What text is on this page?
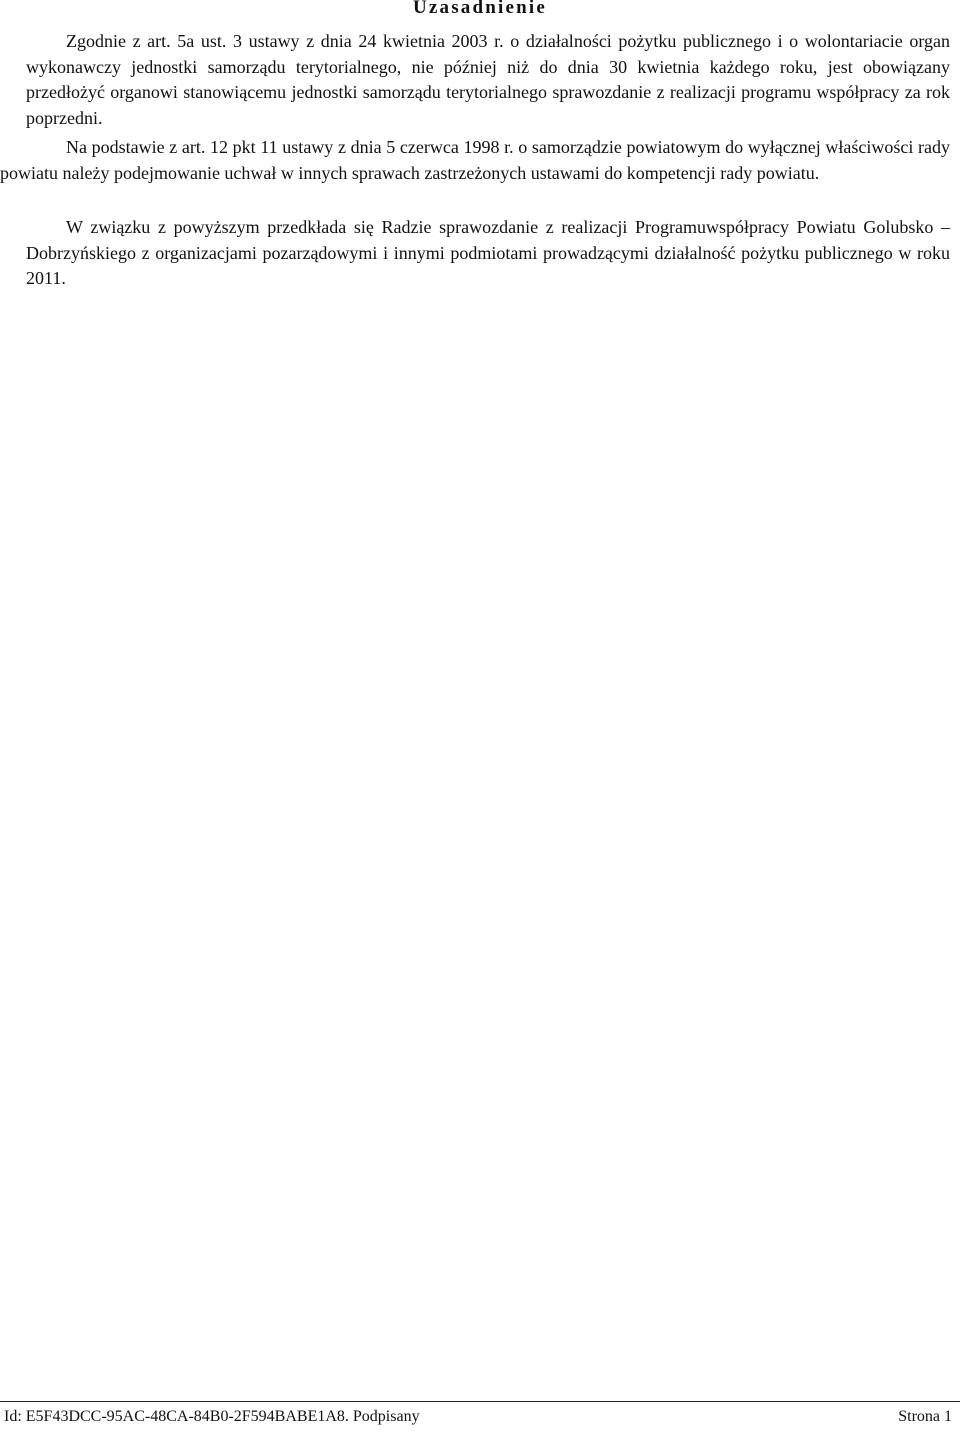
Uzasadnienie

Zgodnie z art. 5a ust. 3 ustawy z dnia 24 kwietnia 2003 r. o działalności pożytku publicznego i o wolontariacie organ wykonawczy jednostki samorządu terytorialnego, nie później niż do dnia 30 kwietnia każdego roku, jest obowiązany przedłożyć organowi stanowiącemu jednostki samorządu terytorialnego sprawozdanie z realizacji programu współpracy za rok poprzedni.

Na podstawie z art. 12 pkt 11 ustawy z dnia 5 czerwca 1998 r. o samorządzie powiatowym do wyłącznej właściwości rady powiatu należy podejmowanie uchwał w innych sprawach zastrzeżonych ustawami do kompetencji rady powiatu.

W związku z powyższym przedkłada się Radzie sprawozdanie z realizacji Programuwspółpracy Powiatu Golubsko – Dobrzyńskiego z organizacjami pozarządowymi i innymi podmiotami prowadzącymi działalność pożytku publicznego w roku 2011.

Id: E5F43DCC-95AC-48CA-84B0-2F594BABE1A8. Podpisany	Strona 1
